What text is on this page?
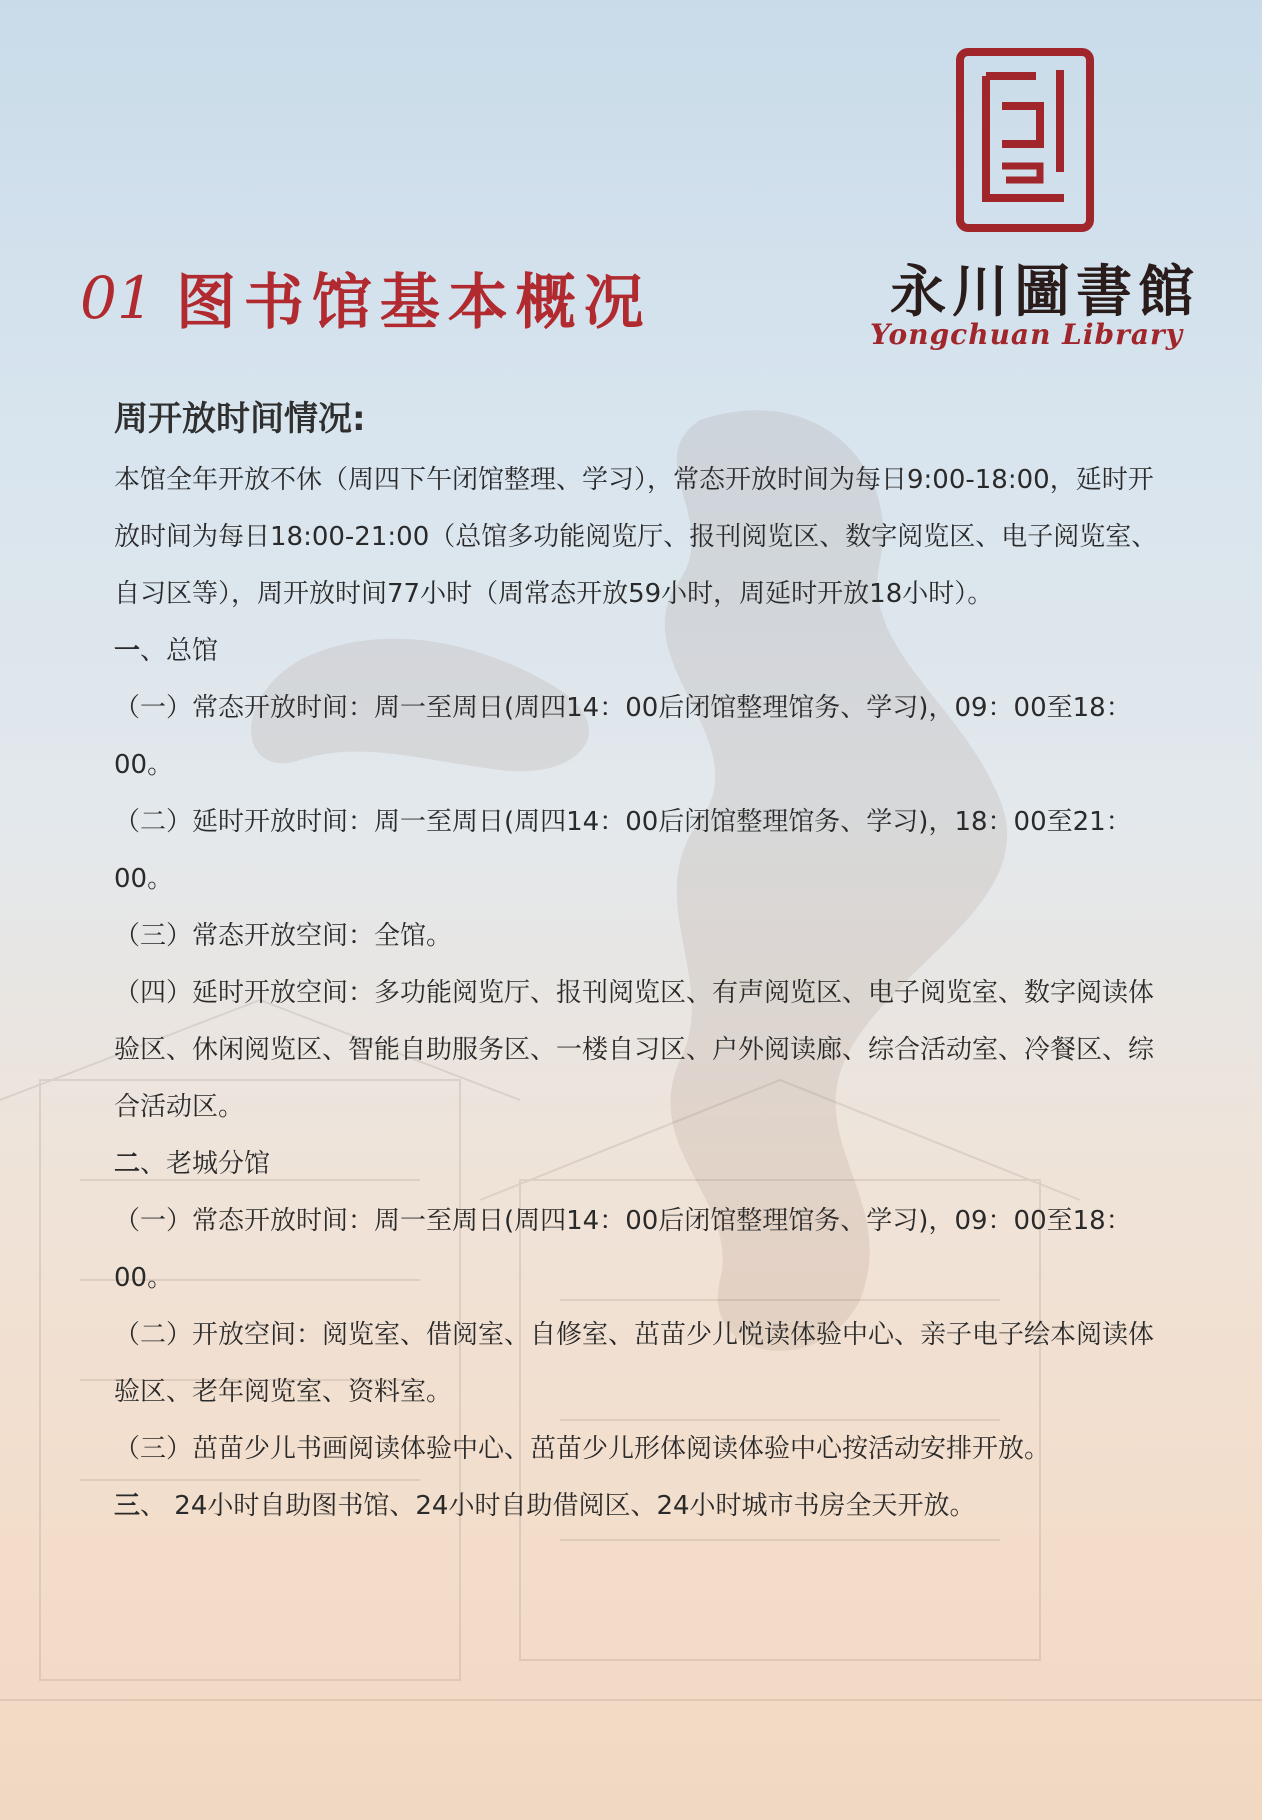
01 图书馆基本概况	永川圖書館
Yongchuan Library
周开放时间情况:

本馆全年开放不休（周四下午闭馆整理、学习），常态开放时间为每日9:00-18:00，延时开放时间为每日18:00-21:00（总馆多功能阅览厅、报刊阅览区、数字阅览区、电子阅览室、自习区等），周开放时间77小时（周常态开放59小时，周延时开放18小时）。

一、总馆

（一）常态开放时间：周一至周日(周四14：00后闭馆整理馆务、学习)，09：00至18：00。

（二）延时开放时间：周一至周日(周四14：00后闭馆整理馆务、学习)，18：00至21：00。

（三）常态开放空间：全馆。

（四）延时开放空间：多功能阅览厅、报刊阅览区、有声阅览区、电子阅览室、数字阅读体验区、休闲阅览区、智能自助服务区、一楼自习区、户外阅读廊、综合活动室、冷餐区、综合活动区。

二、老城分馆

（一）常态开放时间：周一至周日(周四14：00后闭馆整理馆务、学习)，09：00至18：00。

（二）开放空间：阅览室、借阅室、自修室、茁苗少儿悦读体验中心、亲子电子绘本阅读体验区、老年阅览室、资料室。

（三）茁苗少儿书画阅读体验中心、茁苗少儿形体阅读体验中心按活动安排开放。

三、 24小时自助图书馆、24小时自助借阅区、24小时城市书房全天开放。
